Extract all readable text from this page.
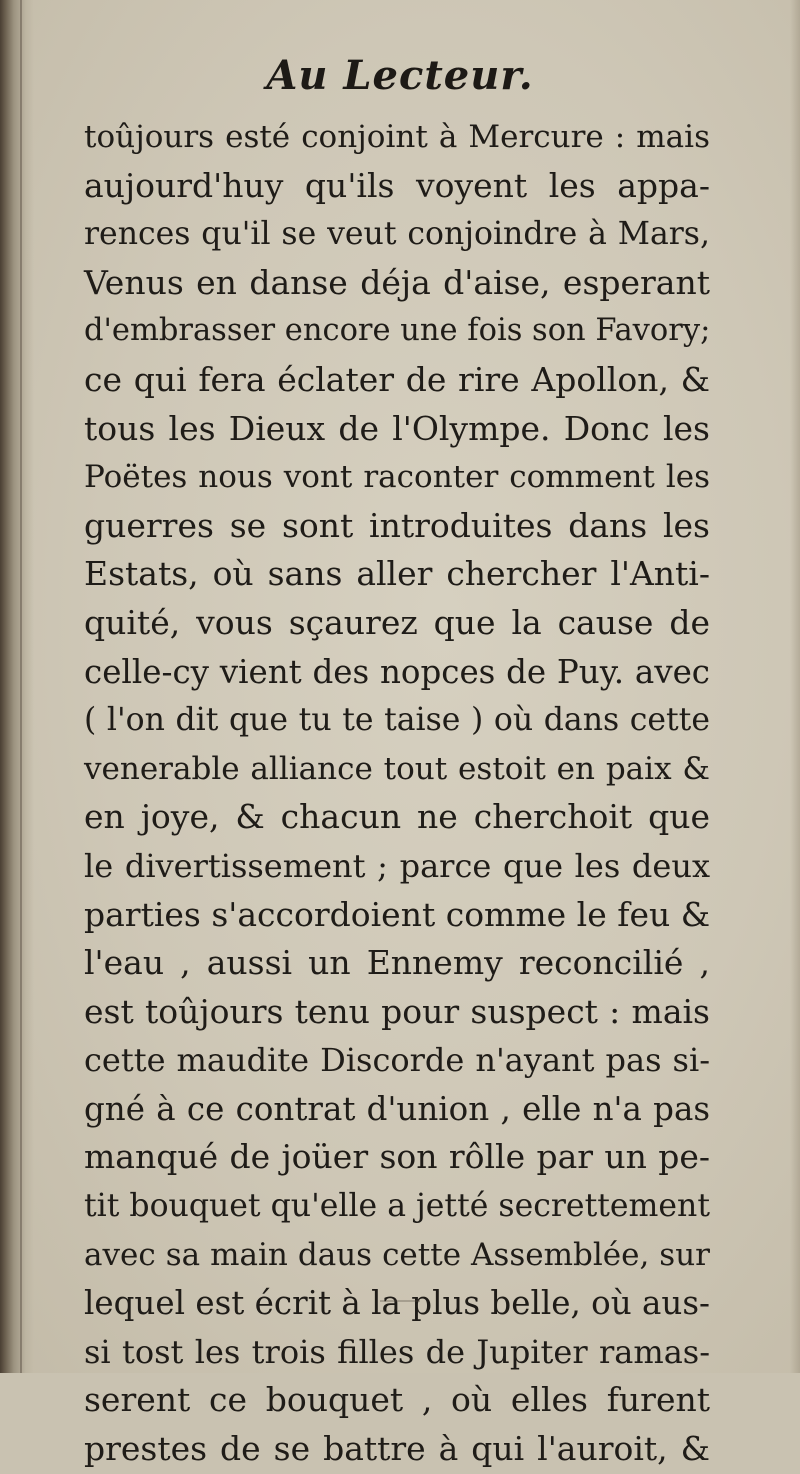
Au Lecteur.
toûjours esté conjoint à Mercure : mais
aujourd'huy qu'ils voyent les appa-
rences qu'il se veut conjoindre à Mars,
Venus en danse déja d'aise, esperant
d'embrasser encore une fois son Favory;
ce qui fera éclater de rire Apollon, &
tous les Dieux de l'Olympe. Donc les
Poëtes nous vont raconter comment les
guerres se sont introduites dans les
Estats, où sans aller chercher l'Anti-
quité, vous sçaurez que la cause de
celle-cy vient des nopces de Puy. avec
( l'on dit que tu te taise ) où dans cette
venerable alliance tout estoit en paix &
en joye, & chacun ne cherchoit que
le divertissement ; parce que les deux
parties s'accordoient comme le feu &
l'eau , aussi un Ennemy reconcilié ,
est toûjours tenu pour suspect : mais
cette maudite Discorde n'ayant pas si-
gné à ce contrat d'union , elle n'a pas
manqué de joüer son rôlle par un pe-
tit bouquet qu'elle a jetté secrettement
avec sa main daus cette Assemblée, sur
lequel est écrit à la plus belle, où aus-
si tost les trois filles de Jupiter ramas-
serent ce bouquet , où elles furent
prestes de se battre à qui l'auroit, &
